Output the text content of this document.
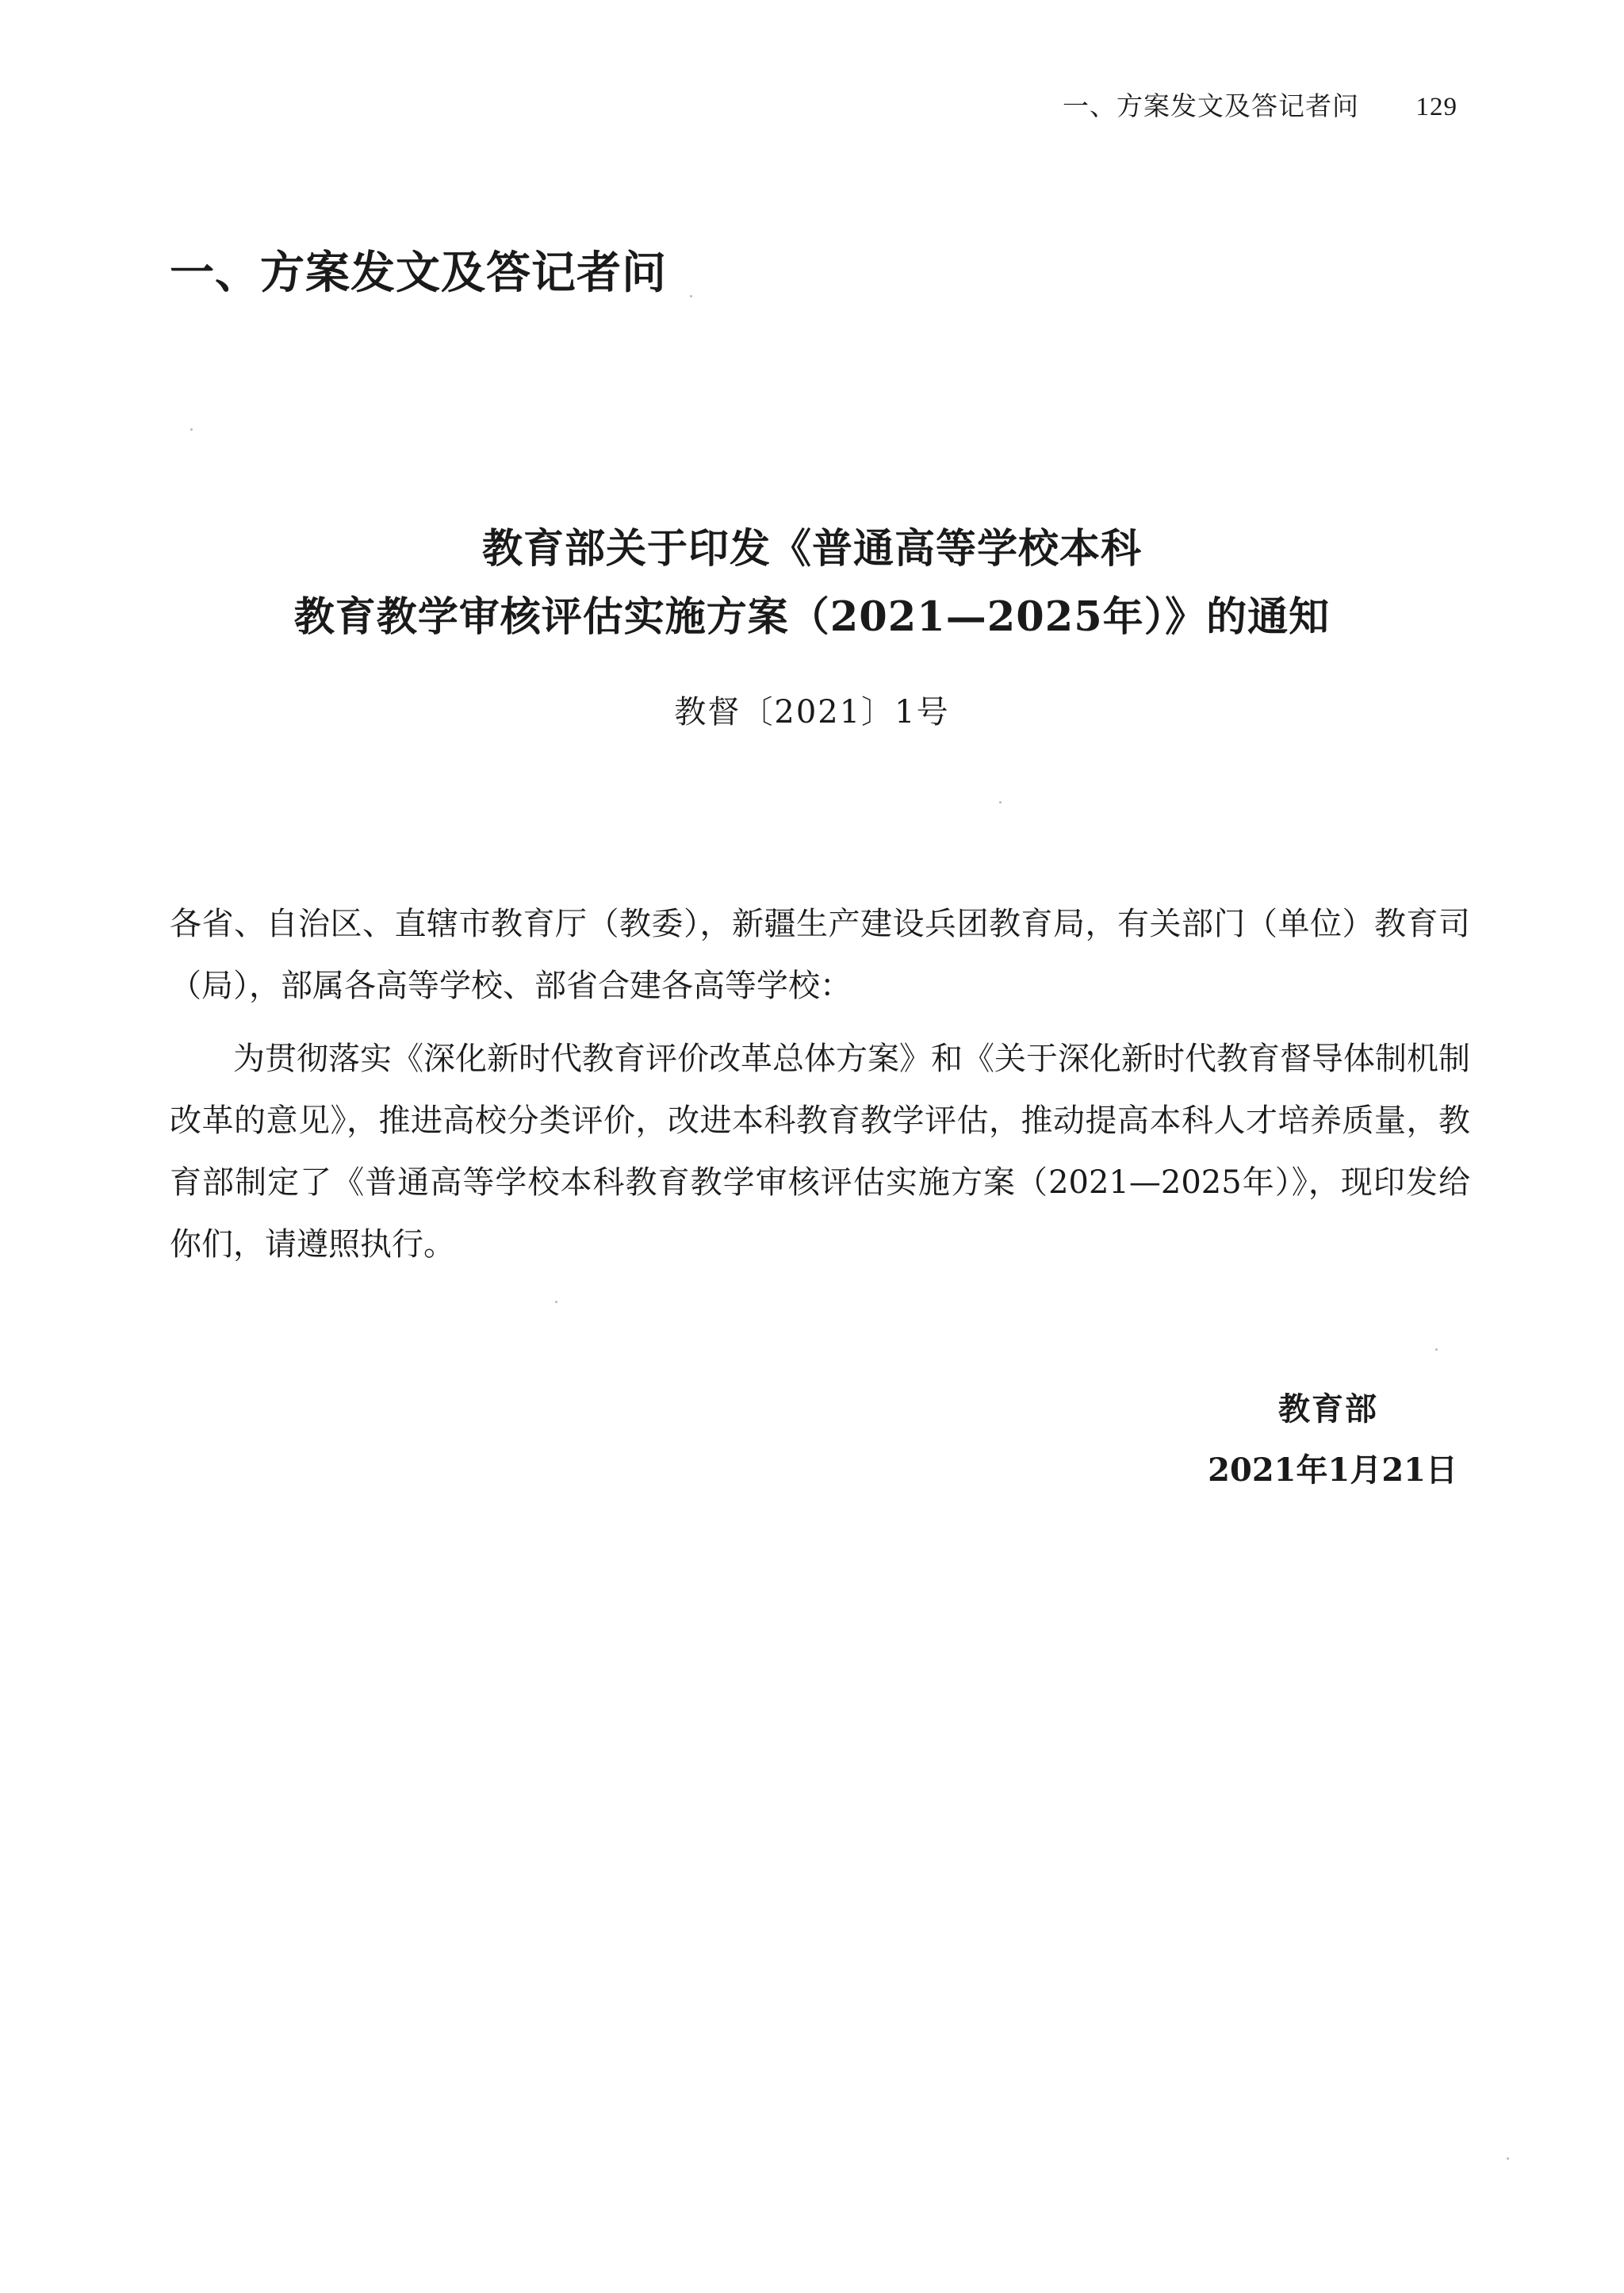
一、方案发文及答记者问 129
一、方案发文及答记者问
教育部关于印发《普通高等学校本科
教育教学审核评估实施方案（2021—2025年）》的通知
教督〔2021〕1号

各省、自治区、直辖市教育厅（教委），新疆生产建设兵团教育局，有关部门（单位）教育司（局），部属各高等学校、部省合建各高等学校：

为贯彻落实《深化新时代教育评价改革总体方案》和《关于深化新时代教育督导体制机制改革的意见》，推进高校分类评价，改进本科教育教学评估，推动提高本科人才培养质量，教育部制定了《普通高等学校本科教育教学审核评估实施方案（2021—2025年）》，现印发给你们，请遵照执行。

教育部
2021年1月21日
